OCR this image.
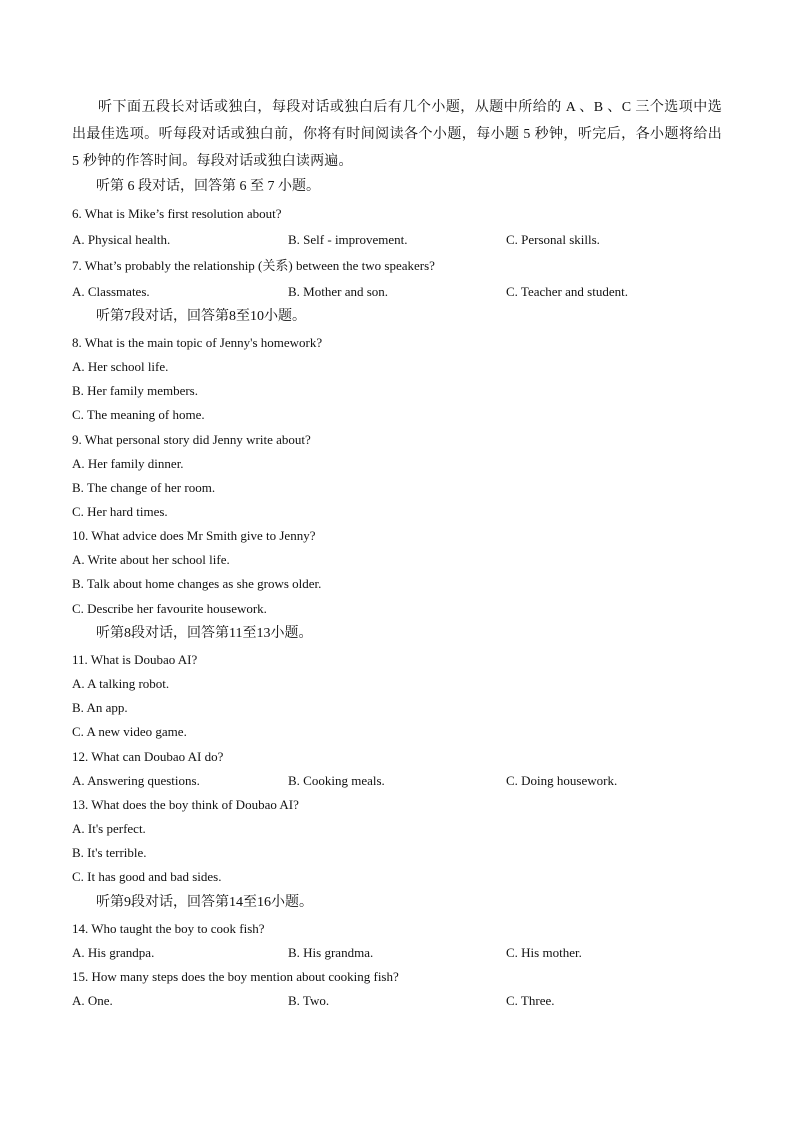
听下面五段长对话或独白，每段对话或独白后有几个小题，从题中所给的 A 、B 、C 三个选项中选出最佳选项。听每段对话或独白前，你将有时间阅读各个小题，每小题 5 秒钟，听完后，各小题将给出 5 秒钟的作答时间。每段对话或独白读两遍。
听第 6 段对话，回答第 6 至 7 小题。
6. What is Mike’s first resolution about?
A. Physical health.	B. Self - improvement.	C. Personal skills.
7. What’s probably the relationship (关系) between the two speakers?
A. Classmates.	B. Mother and son.	C. Teacher and student.
听第7段对话，回答第8至10小题。
8. What is the main topic of Jenny's homework?
A. Her school life.
B. Her family members.
C. The meaning of home.
9. What personal story did Jenny write about?
A. Her family dinner.
B. The change of her room.
C. Her hard times.
10. What advice does Mr Smith give to Jenny?
A. Write about her school life.
B. Talk about home changes as she grows older.
C. Describe her favourite housework.
听第8段对话，回答第11至13小题。
11. What is Doubao AI?
A. A talking robot.
B. An app.
C. A new video game.
12. What can Doubao AI do?
A. Answering questions.	B. Cooking meals.	C. Doing housework.
13. What does the boy think of Doubao AI?
A. It's perfect.
B. It's terrible.
C. It has good and bad sides.
听第9段对话，回答第14至16小题。
14. Who taught the boy to cook fish?
A. His grandpa.	B. His grandma.	C. His mother.
15. How many steps does the boy mention about cooking fish?
A. One.	B. Two.	C. Three.
